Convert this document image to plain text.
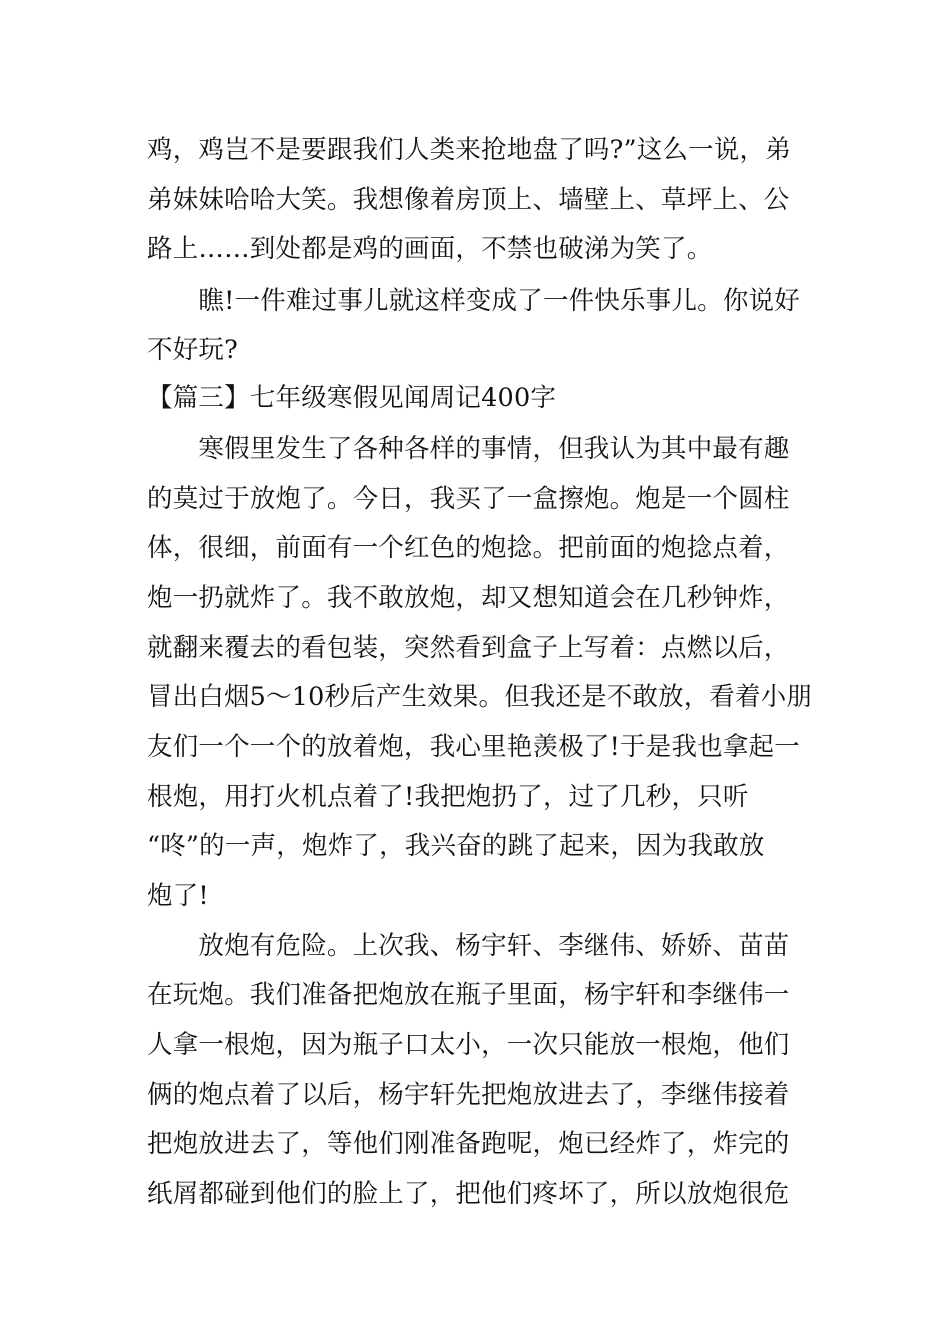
鸡，鸡岂不是要跟我们人类来抢地盘了吗?”这么一说，弟
弟妹妹哈哈大笑。我想像着房顶上、墙壁上、草坪上、公
路上……到处都是鸡的画面，不禁也破涕为笑了。
　　瞧!一件难过事儿就这样变成了一件快乐事儿。你说好
不好玩?
【篇三】七年级寒假见闻周记400字
　　寒假里发生了各种各样的事情，但我认为其中最有趣
的莫过于放炮了。今日，我买了一盒擦炮。炮是一个圆柱
体，很细，前面有一个红色的炮捻。把前面的炮捻点着，
炮一扔就炸了。我不敢放炮，却又想知道会在几秒钟炸，
就翻来覆去的看包装，突然看到盒子上写着：点燃以后，
冒出白烟5～10秒后产生效果。但我还是不敢放，看着小朋
友们一个一个的放着炮，我心里艳羡极了!于是我也拿起一
根炮，用打火机点着了!我把炮扔了，过了几秒，只听
“咚”的一声，炮炸了，我兴奋的跳了起来，因为我敢放
炮了!
　　放炮有危险。上次我、杨宇轩、李继伟、娇娇、苗苗
在玩炮。我们准备把炮放在瓶子里面，杨宇轩和李继伟一
人拿一根炮，因为瓶子口太小，一次只能放一根炮，他们
俩的炮点着了以后，杨宇轩先把炮放进去了，李继伟接着
把炮放进去了，等他们刚准备跑呢，炮已经炸了，炸完的
纸屑都碰到他们的脸上了，把他们疼坏了，所以放炮很危
